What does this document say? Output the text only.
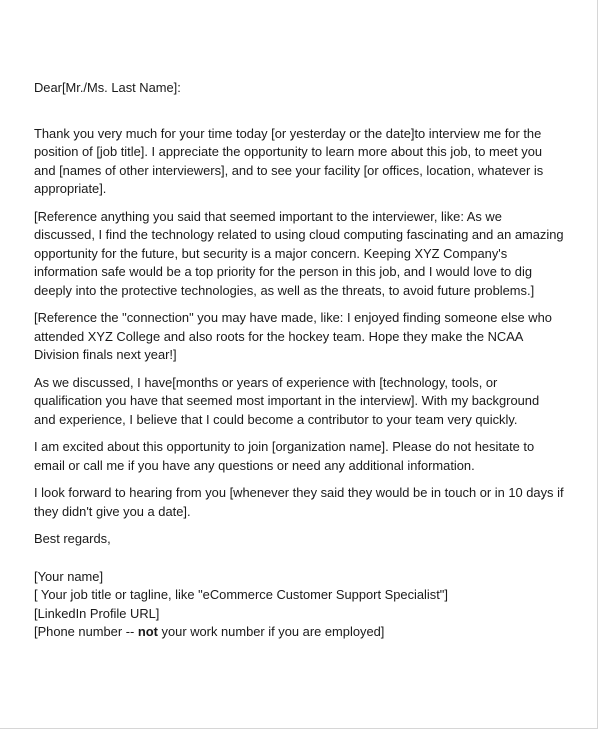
Dear[Mr./Ms. Last Name]:

Thank you very much for your time today [or yesterday or the date]to interview me for the position of [job title]. I appreciate the opportunity to learn more about this job, to meet you and [names of other interviewers], and to see your facility [or offices, location, whatever is appropriate].

[Reference anything you said that seemed important to the interviewer, like: As we discussed, I find the technology related to using cloud computing fascinating and an amazing opportunity for the future, but security is a major concern. Keeping XYZ Company's information safe would be a top priority for the person in this job, and I would love to dig deeply into the protective technologies, as well as the threats, to avoid future problems.]

[Reference the "connection" you may have made, like: I enjoyed finding someone else who attended XYZ College and also roots for the hockey team. Hope they make the NCAA Division finals next year!]

As we discussed, I have[months or years of experience with [technology, tools, or qualification you have that seemed most important in the interview]. With my background and experience, I believe that I could become a contributor to your team very quickly.

I am excited about this opportunity to join [organization name]. Please do not hesitate to email or call me if you have any questions or need any additional information.

I look forward to hearing from you [whenever they said they would be in touch or in 10 days if they didn't give you a date].

Best regards,

[Your name]
[ Your job title or tagline, like "eCommerce Customer Support Specialist"]
[LinkedIn Profile URL]
[Phone number -- not your work number if you are employed]
